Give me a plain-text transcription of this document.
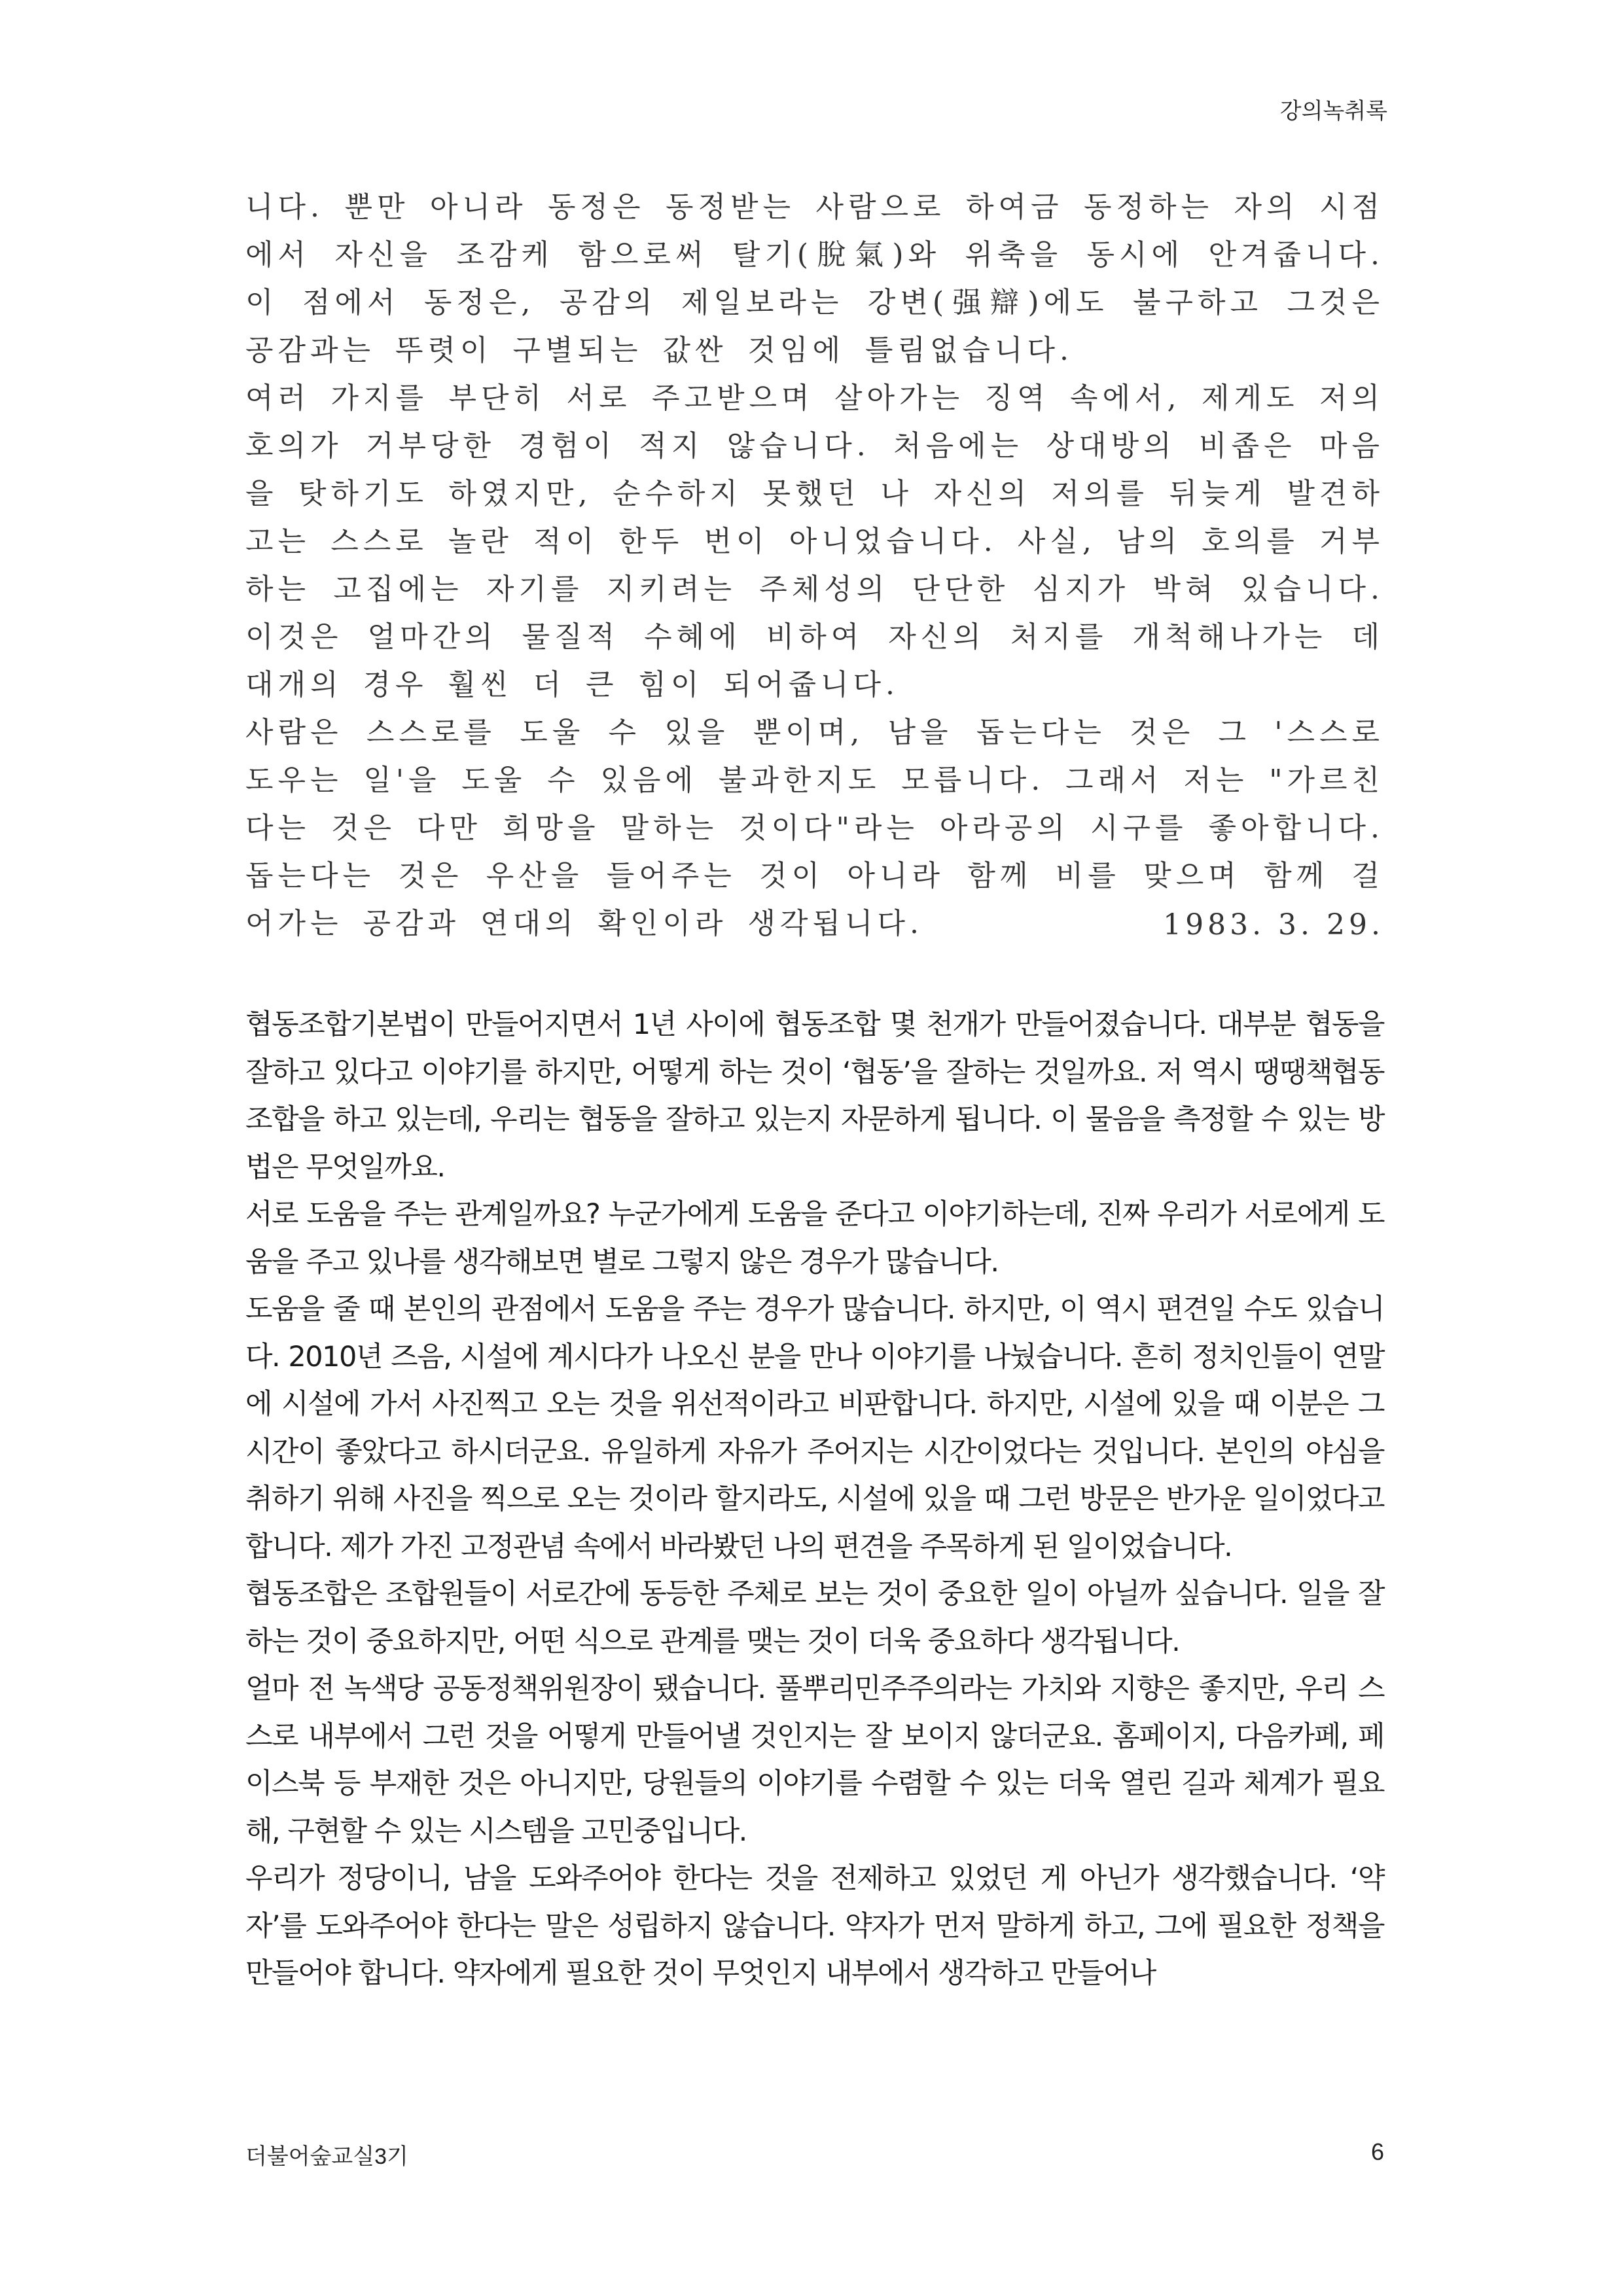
강의녹취록

니다. 뿐만 아니라 동정은 동정받는 사람으로 하여금 동정하는 자의 시점에서 자신을 조감케 함으로써 탈기(脫氣)와 위축을 동시에 안겨줍니다. 이 점에서 동정은, 공감의 제일보라는 강변(强辯)에도 불구하고 그것은 공감과는 뚜렷이 구별되는 값싼 것임에 틀림없습니다.

여러 가지를 부단히 서로 주고받으며 살아가는 징역 속에서, 제게도 저의 호의가 거부당한 경험이 적지 않습니다. 처음에는 상대방의 비좁은 마음을 탓하기도 하였지만, 순수하지 못했던 나 자신의 저의를 뒤늦게 발견하고는 스스로 놀란 적이 한두 번이 아니었습니다. 사실, 남의 호의를 거부하는 고집에는 자기를 지키려는 주체성의 단단한 심지가 박혀 있습니다. 이것은 얼마간의 물질적 수혜에 비하여 자신의 처지를 개척해나가는 데 대개의 경우 훨씬 더 큰 힘이 되어줍니다.

사람은 스스로를 도울 수 있을 뿐이며, 남을 돕는다는 것은 그 '스스로 도우는 일'을 도울 수 있음에 불과한지도 모릅니다. 그래서 저는 "가르친다는 것은 다만 희망을 말하는 것이다"라는 아라공의 시구를 좋아합니다. 돕는다는 것은 우산을 들어주는 것이 아니라 함께 비를 맞으며 함께 걸어가는 공감과 연대의 확인이라 생각됩니다.	1983. 3. 29.

협동조합기본법이 만들어지면서 1년 사이에 협동조합 몇 천개가 만들어졌습니다. 대부분 협동을 잘하고 있다고 이야기를 하지만, 어떻게 하는 것이 ‘협동’을 잘하는 것일까요. 저 역시 땡땡책협동조합을 하고 있는데, 우리는 협동을 잘하고 있는지 자문하게 됩니다. 이 물음을 측정할 수 있는 방법은 무엇일까요.

서로 도움을 주는 관계일까요? 누군가에게 도움을 준다고 이야기하는데, 진짜 우리가 서로에게 도움을 주고 있나를 생각해보면 별로 그렇지 않은 경우가 많습니다.

도움을 줄 때 본인의 관점에서 도움을 주는 경우가 많습니다. 하지만, 이 역시 편견일 수도 있습니다. 2010년 즈음, 시설에 계시다가 나오신 분을 만나 이야기를 나눴습니다. 흔히 정치인들이 연말에 시설에 가서 사진찍고 오는 것을 위선적이라고 비판합니다. 하지만, 시설에 있을 때 이분은 그 시간이 좋았다고 하시더군요. 유일하게 자유가 주어지는 시간이었다는 것입니다. 본인의 야심을 취하기 위해 사진을 찍으로 오는 것이라 할지라도, 시설에 있을 때 그런 방문은 반가운 일이었다고 합니다. 제가 가진 고정관념 속에서 바라봤던 나의 편견을 주목하게 된 일이었습니다.

협동조합은 조합원들이 서로간에 동등한 주체로 보는 것이 중요한 일이 아닐까 싶습니다. 일을 잘하는 것이 중요하지만, 어떤 식으로 관계를 맺는 것이 더욱 중요하다 생각됩니다.

얼마 전 녹색당 공동정책위원장이 됐습니다. 풀뿌리민주주의라는 가치와 지향은 좋지만, 우리 스스로 내부에서 그런 것을 어떻게 만들어낼 것인지는 잘 보이지 않더군요. 홈페이지, 다음카페, 페이스북 등 부재한 것은 아니지만, 당원들의 이야기를 수렴할 수 있는 더욱 열린 길과 체계가 필요해, 구현할 수 있는 시스템을 고민중입니다.

우리가 정당이니, 남을 도와주어야 한다는 것을 전제하고 있었던 게 아닌가 생각했습니다. ‘약자’를 도와주어야 한다는 말은 성립하지 않습니다. 약자가 먼저 말하게 하고, 그에 필요한 정책을 만들어야 합니다. 약자에게 필요한 것이 무엇인지 내부에서 생각하고 만들어나

더불어숲교실3기	6
